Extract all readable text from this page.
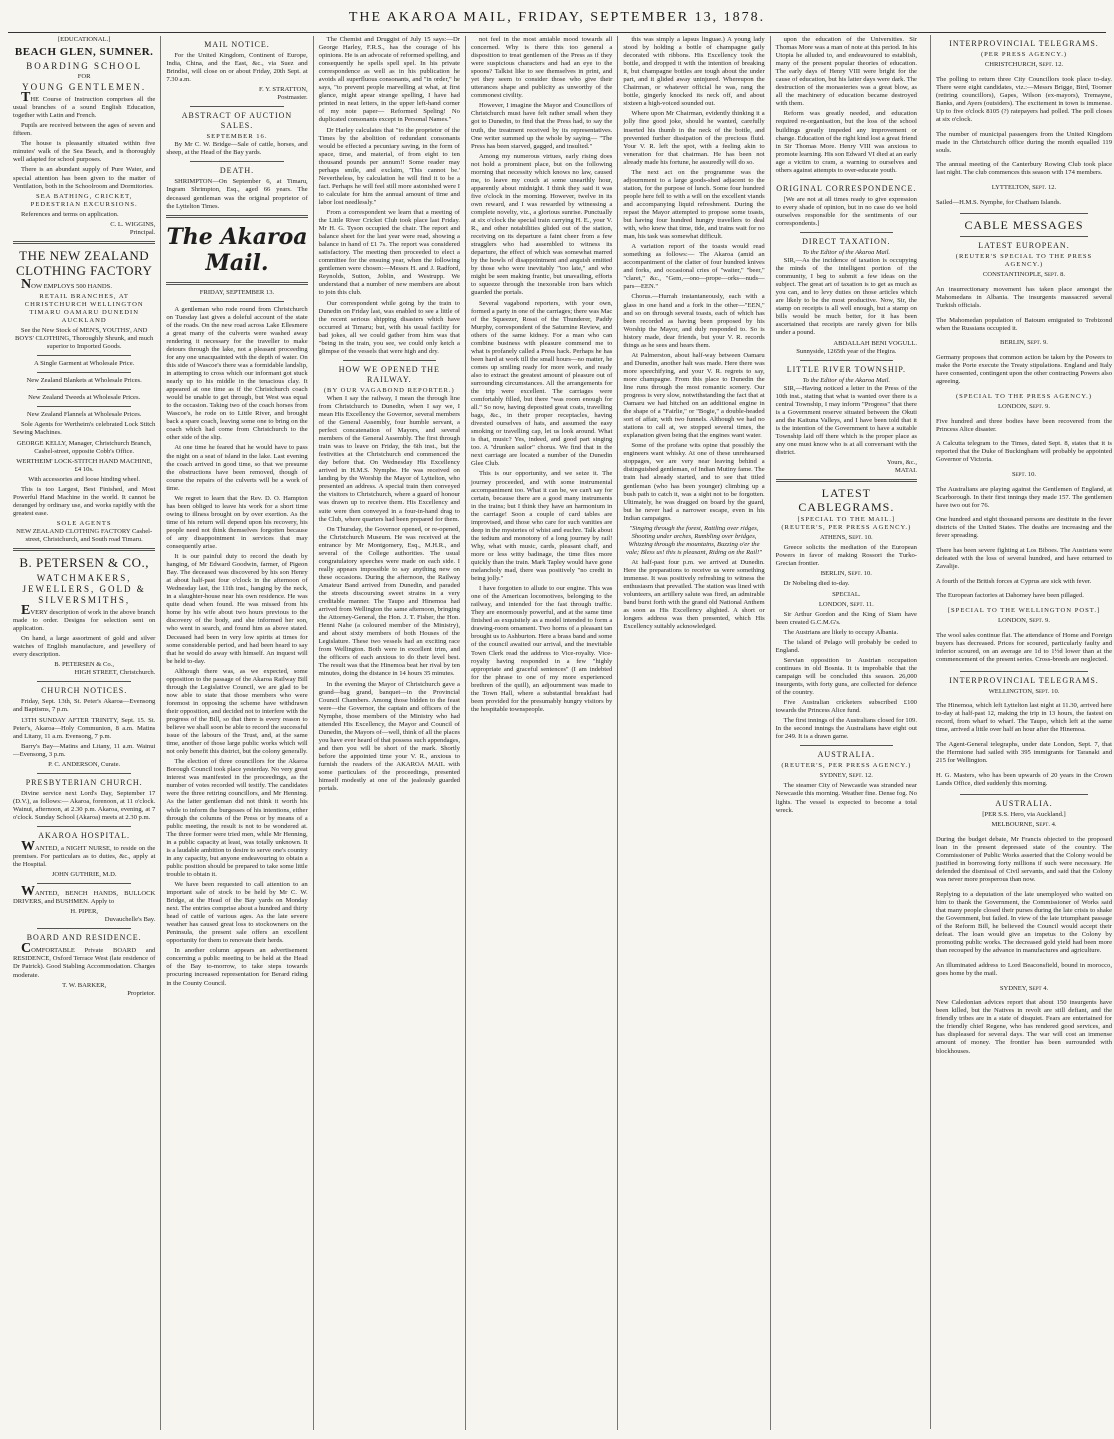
THE AKAROA MAIL, FRIDAY, SEPTEMBER 13, 1878.
[EDUCATIONAL.]
BEACH GLEN, SUMNER.
BOARDING SCHOOL
FOR
YOUNG GENTLEMEN.

THE Course of Instruction comprises all the usual branches of a sound English Education, together with Latin and French.

Pupils are received between the ages of seven and fifteen.

The house is pleasantly situated within five minutes' walk of the Sea Beach, and is thoroughly well adapted for school purposes.

There is an abundant supply of Pure Water, and special attention has been given to the matter of Ventilation, both in the Schoolroom and Dormitories.

SEA BATHING, CRICKET, PEDESTRIAN EXCURSIONS.

References and terms on application.

C. L. WIGGINS,
Principal.
THE NEW ZEALAND CLOTHING FACTORY

NOW EMPLOYS 500 HANDS.

RETAIL BRANCHES, AT CHRISTCHURCH WELLINGTON TIMARU OAMARU DUNEDIN AUCKLAND

See the New Stock of MEN'S, YOUTHS', AND BOYS' CLOTHING, Thoroughly Shrunk, and much superior to Imported Goods.

A Single Garment at Wholesale Price.

New Zealand Blankets at Wholesale Prices.

New Zealand Tweeds at Wholesale Prices.

New Zealand Flannels at Wholesale Prices.

Sole Agents for Wertheim's celebrated Lock Stitch Sewing Machines.

GEORGE KELLY, Manager, Christchurch Branch, Cashel-street, opposite Cobb's Office.

WERTHEIM' LOCK-STITCH HAND MACHINE, £4 10s.

With accessories and loose hinding wheel.

This is too Largest, Best Finished, and Most Powerful Hand Machine in the world. It cannot be deranged by ordinary use, and works rapidly with the greatest ease.

SOLE AGENTS

NEW ZEALAND CLOTHING FACTORY Cashel-street, Christchurch, and South road Timaru.

B. PETERSEN & CO.,
WATCHMAKERS, JEWELLERS, GOLD & SILVERSMITHS,

EVERY description of work in the above branch made to order. Designs for selection sent on application.

On hand, a large assortment of gold and silver watches of English manufacture, and jewellery of every description.

B. PETERSEN & Co.,
HIGH STREET, Christchurch.
CHURCH NOTICES.

Friday, Sept. 13th, St. Peter's Akaroa—Evensong and Baptisms, 7 p.m.

13TH SUNDAY AFTER TRINITY, Sept. 15. St. Peter's, Akaroa—Holy Communion, 8 a.m. Matins and Litany, 11 a.m. Evensong, 7 p.m.

Barry's Bay—Matins and Litany, 11 a.m. Wainui—Evensong, 3 p.m.

P. C. ANDERSON, Curate.
PRESBYTERIAN CHURCH.

Divine service next Lord's Day, September 17 (D.V.), as follows:— Akaroa, forenoon, at 11 o'clock. Wainui, afternoon, at 2.30 p.m. Akaroa, evening, at 7 o'clock. Sunday School (Akaroa) meets at 2.30 p.m.

AKAROA HOSPITAL.

WANTED, a NIGHT NURSE, to reside on the premises. For particulars as to duties, &c., apply at the Hospital.

JOHN GUTHRIE, M.D.

WANTED, BENCH HANDS, BULLOCK DRIVERS, and BUSHMEN. Apply to

H. PIPER,
Duvauchelle's Bay.
BOARD AND RESIDENCE.

COMFORTABLE Private BOARD and RESIDENCE, Oxford Terrace West (late residence of Dr Patrick). Good Stabling Accommodation. Charges moderate.

T. W. BARKER,
Proprietor.
MAIL NOTICE.

For the United Kingdom, Continent of Europe, India, China, and the East, &c., via Suez and Brindisi, will close on or about Friday, 20th Sept. at 7.30 a.m.

F. Y. STRATTON,
Postmaster.
ABSTRACT OF AUCTION SALES.
SEPTEMBER 16.

By Mr C. W. Bridge—Sale of cattle, horses, and sheep, at the Head of the Bay yards.

DEATH.

SHRIMPTON—On September 6, at Timaru, Ingram Shrimpton, Esq., aged 66 years. The deceased gentleman was the original proprietor of the Lyttelton Times.

The Akaroa Mail.
FRIDAY, SEPTEMBER 13.

A gentleman who rode round from Christchurch on Tuesday last gives a doleful account of the state of the roads. On the new road across Lake Ellesmere a great many of the culverts were washed away rendering it necessary for the traveller to make detours through the lake, not a pleasant proceeding for any one unacquainted with the depth of water. On this side of Wascoe's there was a formidable landslip, in attempting to cross which our informant got stuck nearly up to his middle in the tenacious clay. It appeared at one time as if the Christchurch coach would be unable to get through, but West was equal to the occasion. Taking two of the coach horses from Wascoe's, he rode on to Little River, and brought back a spare coach, leaving some one to bring on the coach which had come from Christchurch to the other side of the slip.

At one time he feared that he would have to pass the night on a seat of island in the lake. Last evening the coach arrived in good time, so that we presume the obstructions have been removed, though of course the repairs of the culverts will be a work of time.

We regret to learn that the Rev. D. O. Hampton has been obliged to leave his work for a short time owing to illness brought on by over exertion. As the time of his return will depend upon his recovery, his people need not think themselves forgotten because of any disappointment in services that may consequently arise.

It is our painful duty to record the death by hanging, of Mr Edward Goodwin, farmer, of Pigeon Bay. The deceased was discovered by his son Henry at about half-past four o'clock in the afternoon of Wednesday last, the 11th inst., hanging by the neck, in a slaughter-house near his own residence. He was quite dead when found. He was missed from his home by his wife about two hours previous to the discovery of the body, and she informed her son, who went in search, and found him as above stated. Deceased had been in very low spirits at times for some considerable period, and had been heard to say that he would do away with himself. An inquest will be held to-day.

Although there was, as we expected, some opposition to the passage of the Akaroa Railway Bill through the Legislative Council, we are glad to be now able to state that those members who were foremost in opposing the scheme have withdrawn their opposition, and decided not to interfere with the progress of the Bill, so that there is every reason to believe we shall soon be able to record the successful issue of the labours of the Trust, and, at the same time, another of those large public works which will not only benefit this district, but the colony generally.

The election of three councillors for the Akaroa Borough Council took place yesterday. No very great interest was manifested in the proceedings, as the number of votes recorded will testify. The candidates were the three retiring councillors, and Mr Henning. As the latter gentleman did not think it worth his while to inform the burgesses of his intentions, either through the columns of the Press or by means of a public meeting, the result is not to be wondered at. The three former were tried men, while Mr Henning, in a public capacity at least, was totally unknown. It is a laudable ambition to desire to serve one's country in any capacity, but anyone endeavouring to obtain a public position should be prepared to take some little trouble to obtain it.

We have been requested to call attention to an important sale of stock to be held by Mr C. W. Bridge, at the Head of the Bay yards on Monday next. The entries comprise about a hundred and thirty head of cattle of various ages. As the late severe weather has caused great loss to stockowners on the Peninsula, the present sale offers an excellent opportunity for them to renovate their herds.

In another column appears an advertisement concerning a public meeting to be held at the Head of the Bay to-morrow, to take steps towards procuring increased representation for Berard riding in the County Council.

The Chemist and Druggist of July 15 says:—Dr George Harley, F.R.S., has the courage of his opinions. He is an advocate of reformed spelling, and consequently he spells spell spel. In his private correspondence as well as in his publication he avoids all superfluous consonants, and "in order," he says, "to prevent people marvelling at what, at first glance, might apear strange spelling, I have had printed in neat letters, in the upper left-hand corner of my note paper— Reformed Speling! No duplicated consonants except in Personal Names."

Dr Harley calculates that "to the proprietor of the Times by the abolition of redundant consonants would be effected a pecuniary saving, in the form of space, time, and material, of from eight to ten thousand pounds per annum!! Some reader may perhaps smile, and exclaim, 'This cannot be.' Nevertheless, by calculation he will find it to be a fact. Perhaps he will feel still more astonished were I to calculate for him the annual amount of time and labor lost needlessly."

From a correspondent we learn that a meeting of the Little River Cricket Club took place last Friday. Mr H. G. Tyson occupied the chair. The report and balance sheet for the last year were read, showing a balance in hand of £1 7s. The report was considered satisfactory. The meeting then proceeded to elect a committee for the ensuing year, when the following gentlemen were chosen:—Messrs H. and J. Radford, Reynolds, Sutton, Joblin, and Westrupp. We understand that a number of new members are about to join this club.

Our correspondent while going by the train to Dunedin on Friday last, was enabled to see a little of the recent serious shipping disasters which have occurred at Timaru; but, with his usual facility for bad jokes, all we could gather from him was that "being in the train, you see, we could only ketch a glimpse of the vessels that were high and dry.

HOW WE OPENED THE RAILWAY.
(BY OUR VAGABOND REPORTER.)

When I say the railway, I mean the through line from Christchurch to Dunedin, when I say we, I mean His Excellency the Governor, several members of the General Assembly, four humble servant, a perfect concatenation of Mayors, and several members of the General Assembly. The first through train was to leave on Friday, the 6th inst., but the festivities at the Christchurch end commenced the day before that. On Wednesday His Excellency arrived in H.M.S. Nymphe. He was received on landing by the Worship the Mayor of Lyttelton, who presented an address. A special train then conveyed the visitors to Christchurch, where a guard of honour was drawn up to receive them. His Excellency and suite were then conveyed in a four-in-hand drag to the Club, where quarters had been prepared for them.

On Thursday, the Governor opened, or re-opened, the Christchurch Museum. He was received at the entrance by Mr Montgomery, Esq., M.H.R., and several of the College authorities. The usual congratulatory speeches were made on each side. I really appears impossible to say anything new on these occasions. During the afternoon, the Railway Amateur Band arrived from Dunedin, and paraded the streets discoursing sweet strains in a very creditable manner. The Taupo and Hinemoa had arrived from Wellington the same afternoon, bringing the Attorney-General, the Hon. J. T. Fisher, the Hon. Henni Nahe (a coloured member of the Ministry), and about sixty members of both Houses of the Legislature. These two vessels had an exciting race from Wellington. Both were in excellent trim, and the officers of each anxious to do their level best. The result was that the Hinemoa beat her rival by ten minutes, doing the distance in 14 hours 35 minutes.

In the evening the Mayor of Christchurch gave a grand—bag grand, banquet—in the Provincial Council Chambers. Among those bidden to the feast were—the Governor, the captain and officers of the Nymphe, those members of the Ministry who had attended His Excellency, the Mayor and Council of Dunedin, the Mayors of—well, think of all the places you have ever heard of that possess such appendages, and then you will be short of the mark. Shortly before the appointed time your V. R., anxious to furnish the readers of the AKAROA MAIL with some particulars of the proceedings, presented himself modestly at one of the jealously guarded portals.

not feel in the most amiable mood towards all concerned. Why is there this too general a disposition to treat gentlemen of the Press as if they were suspicious characters and had an eye to the spoons? Talkist like to see themselves in print, and yet they seem to consider those who give their utterances shape and publicity as unworthy of the commonest civility.

However, I imagine the Mayor and Councillors of Christchurch must have felt rather small when they got to Dunedin, to find that the Press had, to say the truth, the treatment received by its representatives. One writer summed up the whole by saying— "The Press has been starved, gagged, and insulted."

Among my numerous virtues, early rising does not hold a prominent place, but on the following morning that necessity which knows no law, caused me, to leave my couch at some unearthly hour, apparently about midnight. I think they said it was five o'clock in the morning. However, twelve in its own reward, and I was rewarded by witnessing a complete novelty, viz., a glorious sunrise. Punctually at six o'clock the special train carrying H. E., your V. R., and other notabilities glided out of the station, receiving on its departure a faint cheer from a few stragglers who had assembled to witness its departure, the effect of which was somewhat marred by the howls of disappointment and anguish emitted by those who were inevitably "too late," and who might be seen making frantic, but unavailing, efforts to squeeze through the inexorable iron bars which guarded the portals.

Several vagabond reporters, with your own, formed a party in one of the carriages; there was Mac of the Squeezer, Rossi of the Thunderer, Paddy Murphy, correspondent of the Saturnine Review, and others of the same kidney. For a man who can combine business with pleasure commend me to what is profanely called a Press hack. Perhaps he has been hard at work till the small hours—no matter, he comes up smiling ready for more work, and ready also to extract the greatest amount of pleasure out of surrounding circumstances. All the arrangements for the trip were excellent. The carriages were comfortably filled, but there "was room enough for all." So now, having deposited great coats, travelling bags, &c., in their proper receptacles, having divested ourselves of hats, and assumed the easy smoking or travelling cap, let us look around. What is that, music? Yes, indeed, and good part singing too. A "drunken sailor" chorus. We find that in the next carriage are located a number of the Dunedin Glee Club.

This is our opportunity, and we seize it. The journey proceeded, and with some instrumental accompaniment too. What it can be, we can't say for certain, because there are a good many instruments in the trains; but I think they have an harmonium in the carriage! Soon a couple of card tables are improvised, and those who care for such vanities are deep in the mysteries of whist and euchre. Talk about the tedium and monotony of a long journey by rail! Why, what with music, cards, pleasant chaff, and more or less witty badinage, the time flies more quickly than the train. Mark Tapley would have gone melancholy mad, there was positively "no credit in being jolly."

I have forgotten to allude to our engine. This was one of the American locomotives, belonging to the railway, and intended for the fast through traffic. They are enormously powerful, and at the same time finished as exquisitely as a model intended to form a drawing-room ornament. Two horns of a pleasant tan brought us to Ashburton. Here a brass band and some of the council awaited our arrival, and the inevitable Town Clerk read the address to Vice-royalty. Vice-royalty having responded in a few "highly appropriate and graceful sentences" (I am indebted for the phrase to one of my more experienced brethren of the quill), an adjournment was made to the Town Hall, where a substantial breakfast had been provided for the presumably hungry visitors by the hospitable townspeople.

this was simply a lapsus linguae.) A young lady stood by holding a bottle of champagne gaily decorated with ribbons. His Excellency took the bottle, and dropped it with the intention of breaking it, but champagne bottles are tough about the under part, and it glided away uninjured. Whereupon the Chairman, or whatever official he was, rang the bottle, gingerly knocked its neck off, and about sixteen a high-voiced sounded out.

Where upon Mr Chairman, evidently thinking it a jolly fine good joke, should he wanted, carefully inserted his thumb in the neck of the bottle, and prevented further dissipation of the precious fluid. Your V. R. left the spot, with a feeling akin to veneration for that chairman. He has been not already made his fortune, he assuredly will do so.

The next act on the programme was the adjournment to a large goods-shed adjacent to the station, for the purpose of lunch. Some four hundred people here fell to with a will on the excellent viands and accompanying liquid refreshment. During the repast the Mayor attempted to propose some toasts, but having four hundred hungry travellers to deal with, who knew that time, tide, and trains wait for no man, his task was somewhat difficult.

A variation report of the toasts would read something as follows:— The Akaroa (amid an accompaniment of the clatter of four hundred knives and forks, and occasional cries of "waiter," "beer," "claret," &c., "Gem,—ono—prope—orks—nuds—pars—EEN."

Chorus.—Hurrah instantaneously, each with a glass in one hand and a fork in the other—"EEN," and so on through several toasts, each of which has been recorded as having been proposed by his Worship the Mayor, and duly responded to. So is history made, dear friends, but your V. R. records things as he sees and hears them.

At Palmerston, about half-way between Oamaru and Dunedin, another halt was made. Here there was more speechifying, and your V. R. regrets to say, more champagne. From this place to Dunedin the line runs through the most romantic scenery. Our progress is very slow, notwithstanding the fact that at Oamaru we had hitched on an additional engine in the shape of a "Fairlie," or "Bogie," a double-headed sort of affair, with two funnels. Although we had no stations to call at, we stopped several times, the explanation given being that the engines want water.

Some of the profane wits opine that possibly the engineers want whisky. At one of these unrehearsed stoppages, we are very near leaving behind a distinguished gentleman, of Indian Mutiny fame. The train had already started, and to see that titled gentleman (who has been younger) climbing up a bush path to catch it, was a sight not to be forgotten. Ultimately, he was dragged on board by the guard, but he never had a narrower escape, even in his Indian campaigns.

"Singing through the forest, Rattling over ridges, Shooting under arches, Rumbling over bridges, Whizzing through the mountains, Buzzing o'er the vale; Bless us! this is pleasant, Riding on the Rail!"

At half-past four p.m. we arrived at Dunedin. Here the preparations to receive us were something immense. It was positively refreshing to witness the enthusiasm that prevailed. The station was lined with volunteers, an artillery salute was fired, an admirable band burst forth with the grand old National Anthem as soon as His Excellency alighted. A short or longers address was then presented, which His Excellency suitably acknowledged.

upon the education of the Universities. Sir Thomas More was a man of note at this period. In his Utopia he alluded to, and endeavoured to establish, many of the present popular theories of education. The early days of Henry VIII were bright for the cause of education, but his latter days were dark. The destruction of the monasteries was a great blow, as all the machinery of education became destroyed with them.

Reform was greatly needed, and education required re-organisation, but the loss of the school buildings greatly impeded any improvement or change. Education of the right kind lost a great friend in Sir Thomas More. Henry VIII was anxious to promote learning. His son Edward VI died at an early age a victim to cram, a warning to ourselves and others against attempts to over-educate youth.

ORIGINAL CORRESPONDENCE.

[We are not at all times ready to give expression to every shade of opinion, but in no case do we hold ourselves responsible for the sentiments of our correspondents.]

DIRECT TAXATION.
To the Editor of the Akaroa Mail.

SIR,—As the incidence of taxation is occupying the minds of the intelligent portion of the community, I beg to submit a few ideas on the subject. The great art of taxation is to get as much as you can, and to levy duties on those articles which are likely to be the most productive. Now, Sir, the stamp on receipts is all well enough, but a stamp on bills would be much better, for it has been ascertained that receipts are rarely given for bills under a pound.

ABDALLAH BENI VOGULL.
Sunnyside, 1265th year of the Hegira.
LITTLE RIVER TOWNSHIP.
To the Editor of the Akaroa Mail.

SIR,—Having noticed a letter in the Press of the 10th inst., stating that what is wanted over there is a central Township, I may inform "Progress" that there is a Government reserve situated between the Okuti and the Kaituna Valleys, and I have been told that it is the intention of the Government to have a suitable Township laid off there which is the proper place as any one must know who is at all conversant with the district.

Yours, &c.,
MATAI.
LATEST CABLEGRAMS.
[SPECIAL TO THE MAIL.]
(REUTER'S, PER PRESS AGENCY.)
ATHENS, Sept. 10.

Greece solicits the mediation of the European Powers in favor of making Rossori the Turko-Grecian frontier.

BERLIN, Sept. 10.

Dr Nobeling died to-day.

SPECIAL.
LONDON, Sept. 11.

Sir Arthur Gordon and the King of Siam have been created G.C.M.G's.

The Austrians are likely to occupy Albania.

The island of Pelago will probably be ceded to England.

Servian opposition to Austrian occupation continues in old Bosnia. It is improbable that the campaign will be concluded this season. 26,000 insurgents, with forty guns, are collected for defence of the country.

Five Australian cricketers subscribed £100 towards the Princess Alice fund.

The first innings of the Australians closed for 109. In the second innings the Australians have eight out for 249. It is a drawn game.

AUSTRALIA.
(REUTER'S, PER PRESS AGENCY.)
SYDNEY, Sept. 12.

The steamer City of Newcastle was stranded near Newcastle this morning. Weather fine. Dense fog. No lights. The vessel is expected to become a total wreck.

INTERPROVINCIAL TELEGRAMS.
(PER PRESS AGENCY.)
CHRISTCHURCH, Sept. 12.

The polling to return three City Councillors took place to-day. There were eight candidates, viz.:—Messrs Brigge, Bird, Toomer (retiring councillors), Gapes, Wilson (ex-mayors), Tremayne, Banks, and Ayers (outsiders). The excitement in town is immense. Up to five o'clock 8105 (?) ratepayers had polled. The poll closes at six o'clock.

The number of municipal passengers from the United Kingdom made in the Christchurch office during the month equalled 119 souls.

The annual meeting of the Canterbury Rowing Club took place last night. The club commences this season with 174 members.

LYTTELTON, Sept. 12.

Sailed—H.M.S. Nymphe, for Chatham Islands.

CABLE MESSAGES
LATEST EUROPEAN.
(REUTER'S SPECIAL TO THE PRESS AGENCY.)
CONSTANTINOPLE, Sept. 8.

An insurrectionary movement has taken place amongst the Mahomedans in Albania. The insurgents massacred several Turkish officials.

The Mahomedan population of Batoum emigrated to Trebizond when the Russians occupied it.

BERLIN, Sept. 9.

Germany proposes that common action be taken by the Powers to make the Porte execute the Treaty stipulations. England and Italy have consented, contingent upon the other contracting Powers also agreeing.

(SPECIAL TO THE PRESS AGENCY.)
LONDON, Sept. 9.

Five hundred and three bodies have been recovered from the Princess Alice disaster.

A Calcutta telegram to the Times, dated Sept. 8, states that it is reported that the Duke of Buckingham will probably be appointed Governor of Victoria.

Sept. 10.

The Australians are playing against the Gentlemen of England, at Scarborough. In their first innings they made 157. The gentlemen have two out for 76.

One hundred and eight thousand persons are destitute in the fever districts of the United States. The deaths are increasing and the fever spreading.

There has been severe fighting at Los Biboes. The Austrians were defeated with the loss of several hundred, and have returned to Zavalije.

A fourth of the British forces at Cyprus are sick with fever.

The European factories at Dahomey have been pillaged.

[SPECIAL TO THE WELLINGTON POST.]
LONDON, Sept. 9.

The wool sales continue flat. The attendance of Home and Foreign buyers has decreased. Prices for scoured, particularly faulty and inferior scoured, on an average are 1d to 1½d lower than at the commencement of the present series. Cross-breeds are neglected.

INTERPROVINCIAL TELEGRAMS.
WELLINGTON, Sept. 10.

The Hinemoa, which left Lyttelton last night at 11.30, arrived here to-day at half-past 12, making the trip in 13 hours, the fastest on record, from wharf to wharf. The Taupo, which left at the same time, arrived a little over half an hour after the Hinemoa.

The Agent-General telegraphs, under date London, Sept. 7, that the Hermione had sailed with 395 immigrants for Taranaki and 215 for Wellington.

H. G. Masters, who has been upwards of 20 years in the Crown Lands Office, died suddenly this morning.

AUSTRALIA.
[PER S.S. Hero, via Auckland.]
MELBOURNE, Sept. 4.

During the budget debate, Mr Francis objected to the proposed loan in the present depressed state of the country. The Commissioner of Public Works asserted that the Colony would be justified in borrowing forty millions if such were necessary. He defended the dismissal of Civil servants, and said that the Colony was never more prosperous than now.

Replying to a deputation of the late unemployed who waited on him to thank the Government, the Commissioner of Works said that many people closed their purses during the late crisis to shake the Government, but failed. In view of the late triumphant passage of the Reform Bill, he believed the Council would accept their defeat. The loan would give an impetus to the Colony by promoting public works. The decreased gold yield had been more than recouped by the advance in manufactures and agriculture.

An illuminated address to Lord Beaconsfield, bound in morocco, goes home by the mail.

SYDNEY, Sept 4.

New Caledonian advices report that about 150 insurgents have been killed, but the Natives in revolt are still defiant, and the friendly tribes are in a state of disquiet. Fears are entertained for the friendly chief Regene, who has rendered good services, and has displeased for several days. The war will cost an immense amount of money. The frontier has been surrounded with blockhouses.
